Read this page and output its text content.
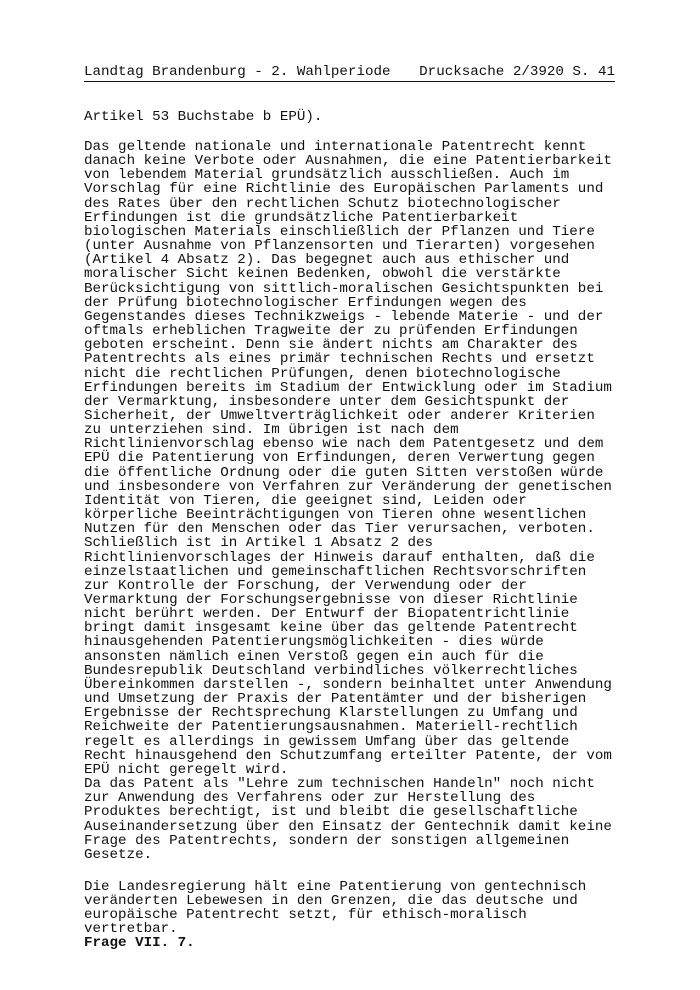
Landtag Brandenburg - 2. Wahlperiode Drucksache 2/3920 S. 41
Artikel 53 Buchstabe b EPÜ).
Das geltende nationale und internationale Patentrecht kennt
danach keine Verbote oder Ausnahmen, die eine Patentierbarkeit
von lebendem Material grundsätzlich ausschließen. Auch im
Vorschlag für eine Richtlinie des Europäischen Parlaments und
des Rates über den rechtlichen Schutz biotechnologischer
Erfindungen ist die grundsätzliche Patentierbarkeit
biologischen Materials einschließlich der Pflanzen und Tiere
(unter Ausnahme von Pflanzensorten und Tierarten) vorgesehen
(Artikel 4 Absatz 2). Das begegnet auch aus ethischer und
moralischer Sicht keinen Bedenken, obwohl die verstärkte
Berücksichtigung von sittlich-moralischen Gesichtspunkten bei
der Prüfung biotechnologischer Erfindungen wegen des
Gegenstandes dieses Technikzweigs - lebende Materie - und der
oftmals erheblichen Tragweite der zu prüfenden Erfindungen
geboten erscheint. Denn sie ändert nichts am Charakter des
Patentrechts als eines primär technischen Rechts und ersetzt
nicht die rechtlichen Prüfungen, denen biotechnologische
Erfindungen bereits im Stadium der Entwicklung oder im Stadium
der Vermarktung, insbesondere unter dem Gesichtspunkt der
Sicherheit, der Umweltverträglichkeit oder anderer Kriterien
zu unterziehen sind. Im übrigen ist nach dem
Richtlinienvorschlag ebenso wie nach dem Patentgesetz und dem
EPÜ die Patentierung von Erfindungen, deren Verwertung gegen
die öffentliche Ordnung oder die guten Sitten verstoßen würde
und insbesondere von Verfahren zur Veränderung der genetischen
Identität von Tieren, die geeignet sind, Leiden oder
körperliche Beeinträchtigungen von Tieren ohne wesentlichen
Nutzen für den Menschen oder das Tier verursachen, verboten.
Schließlich ist in Artikel 1 Absatz 2 des
Richtlinienvorschlages der Hinweis darauf enthalten, daß die
einzelstaatlichen und gemeinschaftlichen Rechtsvorschriften
zur Kontrolle der Forschung, der Verwendung oder der
Vermarktung der Forschungsergebnisse von dieser Richtlinie
nicht berührt werden. Der Entwurf der Biopatentrichtlinie
bringt damit insgesamt keine über das geltende Patentrecht
hinausgehenden Patentierungsmöglichkeiten - dies würde
ansonsten nämlich einen Verstoß gegen ein auch für die
Bundesrepublik Deutschland verbindliches völkerrechtliches
Übereinkommen darstellen -, sondern beinhaltet unter Anwendung
und Umsetzung der Praxis der Patentämter und der bisherigen
Ergebnisse der Rechtsprechung Klarstellungen zu Umfang und
Reichweite der Patentierungsausnahmen. Materiell-rechtlich
regelt es allerdings in gewissem Umfang über das geltende
Recht hinausgehend den Schutzumfang erteilter Patente, der vom
EPÜ nicht geregelt wird.
Da das Patent als "Lehre zum technischen Handeln" noch nicht
zur Anwendung des Verfahrens oder zur Herstellung des
Produktes berechtigt, ist und bleibt die gesellschaftliche
Auseinandersetzung über den Einsatz der Gentechnik damit keine
Frage des Patentrechts, sondern der sonstigen allgemeinen
Gesetze.
Die Landesregierung hält eine Patentierung von gentechnisch
veränderten Lebewesen in den Grenzen, die das deutsche und
europäische Patentrecht setzt, für ethisch-moralisch
vertretbar.
Frage VII. 7.
